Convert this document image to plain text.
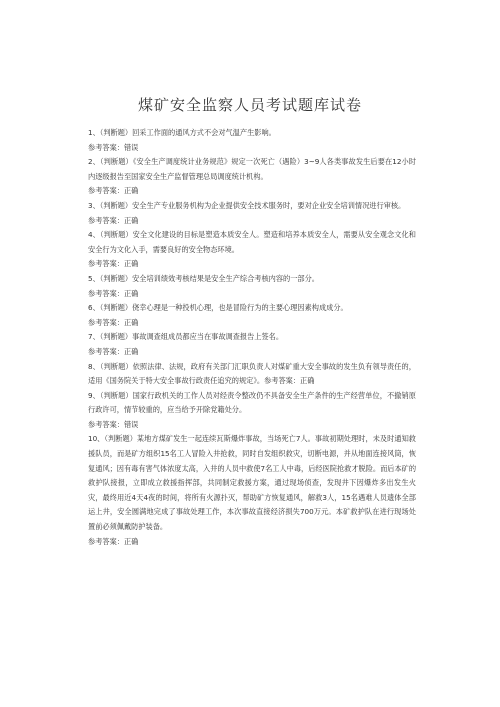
煤矿安全监察人员考试题库试卷

1、（判断题）回采工作面的通风方式不会对气温产生影响。

参考答案：错误

2、（判断题）《安全生产调度统计业务规范》规定一次死亡（遇险）3~9人各类事故发生后要在12小时内逐级报告至国家安全生产监督管理总局调度统计机构。

参考答案：正确

3、（判断题）安全生产专业服务机构为企业提供安全技术服务时，要对企业安全培训情况进行审核。

参考答案：正确

4、（判断题）安全文化建设的目标是塑造本质安全人。塑造和培养本质安全人，需要从安全观念文化和安全行为文化入手，需要良好的安全物态环境。

参考答案：正确

5、（判断题）安全培训绩效考核结果是安全生产综合考核内容的一部分。

参考答案：正确

6、（判断题）侥幸心理是一种投机心理，也是冒险行为的主要心理因素构成成分。

参考答案：正确

7、（判断题）事故调查组成员都应当在事故调查报告上签名。

参考答案：正确

8、（判断题）依照法律、法规，政府有关部门汇职负责人对煤矿重大安全事故的发生负有领导责任的，适用《国务院关于特大安全事故行政责任追究的规定》。参考答案：正确

9、（判断题）国家行政机关的工作人员对经责令整改仍不具备安全生产条件的生产经营单位，不撤销原行政许可，情节较重的，应当给予开除党籍处分。

参考答案：错误

10、（判断题）某地方煤矿发生一起连续瓦斯爆炸事故，当场死亡7人。事故初期处理时，未及时通知救援队员，而是矿方组织15名工人冒险入井抢救，同时自发组织救灾，切断电源，并从地面连接风筒，恢复通风；因有毒有害气体浓度太高，入井的人员中救使7名工人中毒，后经医院抢救才脱险。而后本矿的救护队接报，立即成立救援指挥部，共同制定救援方案，通过现场侦查，发现井下因爆炸多出发生火灾，最终用近4天4夜的时间，将所有火源扑灭，帮助矿方恢复通风，解救3人，15名遇难人员遗体全部运上井，安全圆满地完成了事故处理工作，本次事故直接经济损失700万元。本矿救护队在进行现场处置前必须佩戴防护装备。

参考答案：正确
